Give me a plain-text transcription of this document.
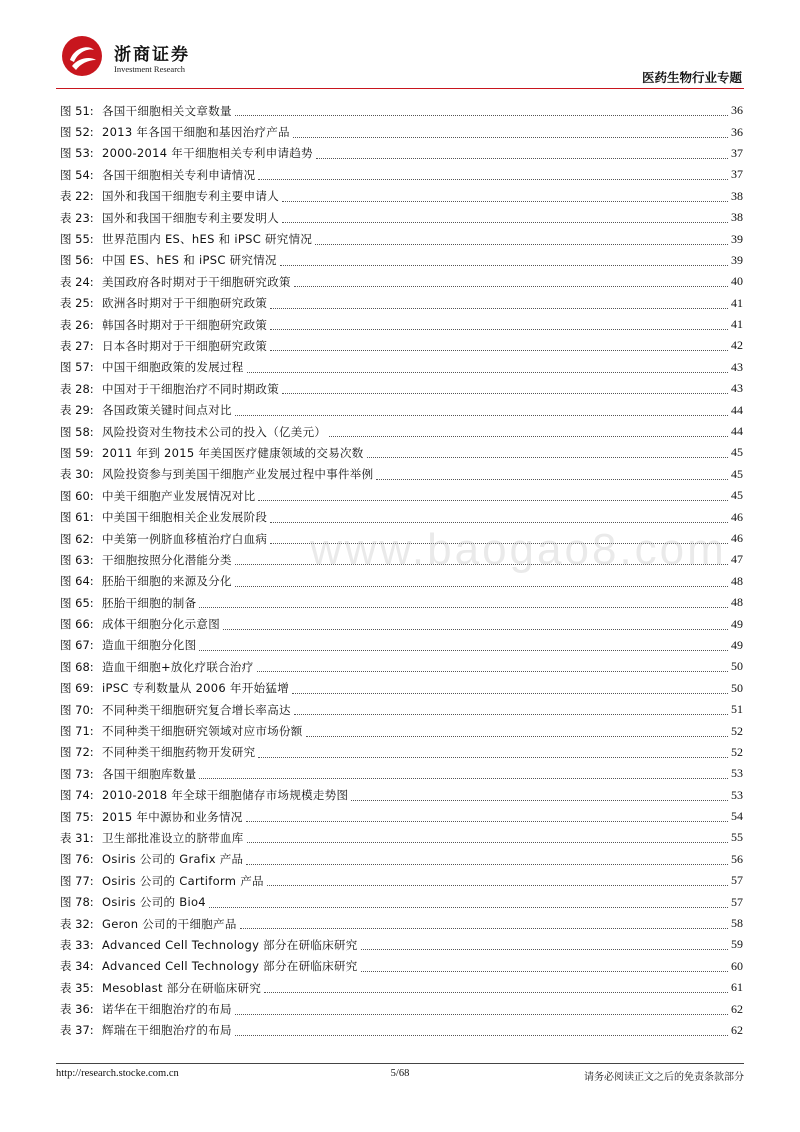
浙商证券
Investment Research
医药生物行业专题
图 51: 各国干细胞相关文章数量	36
图 52: 2013 年各国干细胞和基因治疗产品	36
图 53: 2000-2014 年干细胞相关专利申请趋势	37
图 54: 各国干细胞相关专利申请情况	37
表 22: 国外和我国干细胞专利主要申请人	38
表 23: 国外和我国干细胞专利主要发明人	38
图 55: 世界范围内 ES、hES 和 iPSC 研究情况	39
图 56: 中国 ES、hES 和 iPSC 研究情况	39
表 24: 美国政府各时期对于干细胞研究政策	40
表 25: 欧洲各时期对于干细胞研究政策	41
表 26: 韩国各时期对于干细胞研究政策	41
表 27: 日本各时期对于干细胞研究政策	42
图 57: 中国干细胞政策的发展过程	43
表 28: 中国对于干细胞治疗不同时期政策	43
表 29: 各国政策关键时间点对比	44
图 58: 风险投资对生物技术公司的投入（亿美元）	44
图 59: 2011 年到 2015 年美国医疗健康领域的交易次数	45
表 30: 风险投资参与到美国干细胞产业发展过程中事件举例	45
图 60: 中美干细胞产业发展情况对比	45
图 61: 中美国干细胞相关企业发展阶段	46
图 62: 中美第一例脐血移植治疗白血病	46
图 63: 干细胞按照分化潜能分类	47
图 64: 胚胎干细胞的来源及分化	48
图 65: 胚胎干细胞的制备	48
图 66: 成体干细胞分化示意图	49
图 67: 造血干细胞分化图	49
图 68: 造血干细胞+放化疗联合治疗	50
图 69: iPSC 专利数量从 2006 年开始猛增	50
图 70: 不同种类干细胞研究复合增长率高达	51
图 71: 不同种类干细胞研究领域对应市场份额	52
图 72: 不同种类干细胞药物开发研究	52
图 73: 各国干细胞库数量	53
图 74: 2010-2018 年全球干细胞储存市场规模走势图	53
图 75: 2015 年中源协和业务情况	54
表 31: 卫生部批准设立的脐带血库	55
图 76: Osiris 公司的 Grafix 产品	56
图 77: Osiris 公司的 Cartiform 产品	57
图 78: Osiris 公司的 Bio4	57
表 32: Geron 公司的干细胞产品	58
表 33: Advanced Cell Technology 部分在研临床研究	59
表 34: Advanced Cell Technology 部分在研临床研究	60
表 35: Mesoblast 部分在研临床研究	61
表 36: 诺华在干细胞治疗的布局	62
表 37: 辉瑞在干细胞治疗的布局	62
www.baogao8.com
http://research.stocke.com.cn	5/68	请务必阅读正文之后的免责条款部分
